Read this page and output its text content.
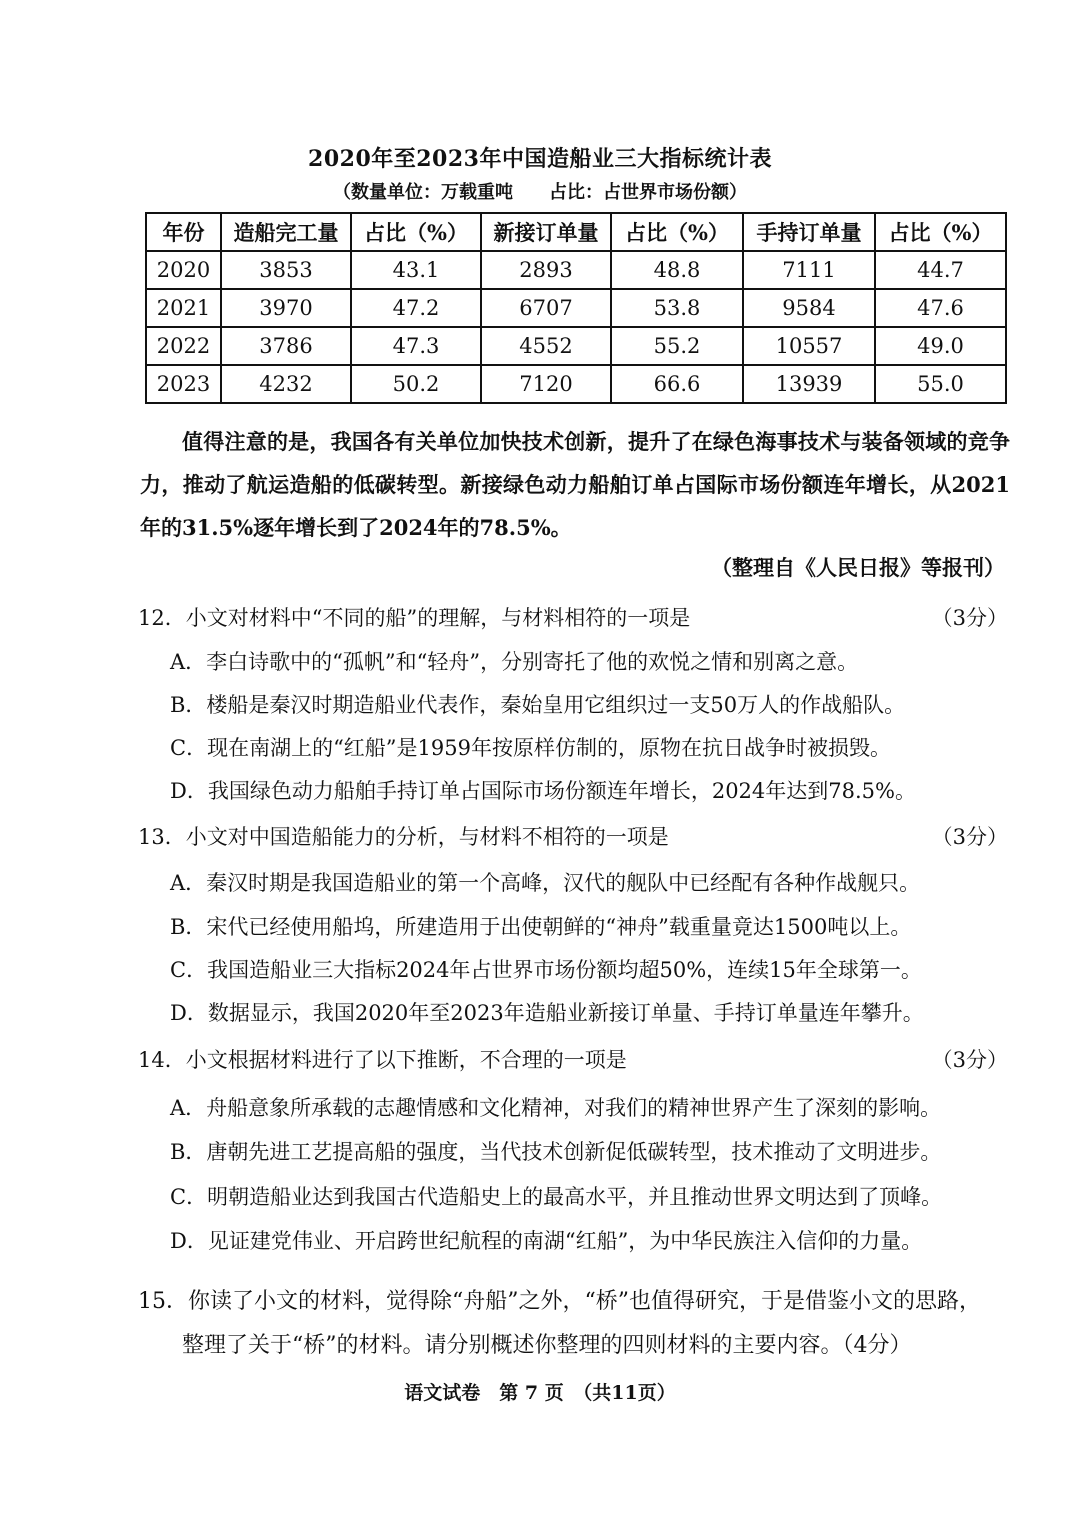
2020年至2023年中国造船业三大指标统计表
（数量单位：万载重吨　　占比：占世界市场份额）
年份	造船完工量	占比（%）	新接订单量	占比（%）	手持订单量	占比（%）
2020	3853	43.1	2893	48.8	7111	44.7
2021	3970	47.2	6707	53.8	9584	47.6
2022	3786	47.3	4552	55.2	10557	49.0
2023	4232	50.2	7120	66.6	13939	55.0
值得注意的是，我国各有关单位加快技术创新，提升了在绿色海事技术与装备领域的竞争力，推动了航运造船的低碳转型。新接绿色动力船舶订单占国际市场份额连年增长，从2021年的31.5%逐年增长到了2024年的78.5%。
（整理自《人民日报》等报刊）
12．小文对材料中“不同的船”的理解，与材料相符的一项是	（3分）
A．李白诗歌中的“孤帆”和“轻舟”，分别寄托了他的欢悦之情和别离之意。
B．楼船是秦汉时期造船业代表作，秦始皇用它组织过一支50万人的作战船队。
C．现在南湖上的“红船”是1959年按原样仿制的，原物在抗日战争时被损毁。
D．我国绿色动力船舶手持订单占国际市场份额连年增长，2024年达到78.5%。
13．小文对中国造船能力的分析，与材料不相符的一项是	（3分）
A．秦汉时期是我国造船业的第一个高峰，汉代的舰队中已经配有各种作战舰只。
B．宋代已经使用船坞，所建造用于出使朝鲜的“神舟”载重量竟达1500吨以上。
C．我国造船业三大指标2024年占世界市场份额均超50%，连续15年全球第一。
D．数据显示，我国2020年至2023年造船业新接订单量、手持订单量连年攀升。
14．小文根据材料进行了以下推断，不合理的一项是	（3分）
A．舟船意象所承载的志趣情感和文化精神，对我们的精神世界产生了深刻的影响。
B．唐朝先进工艺提高船的强度，当代技术创新促低碳转型，技术推动了文明进步。
C．明朝造船业达到我国古代造船史上的最高水平，并且推动世界文明达到了顶峰。
D．见证建党伟业、开启跨世纪航程的南湖“红船”，为中华民族注入信仰的力量。
15．你读了小文的材料，觉得除“舟船”之外，“桥”也值得研究，于是借鉴小文的思路，
整理了关于“桥”的材料。请分别概述你整理的四则材料的主要内容。（4分）
语文试卷　第 7 页　（共11页）
